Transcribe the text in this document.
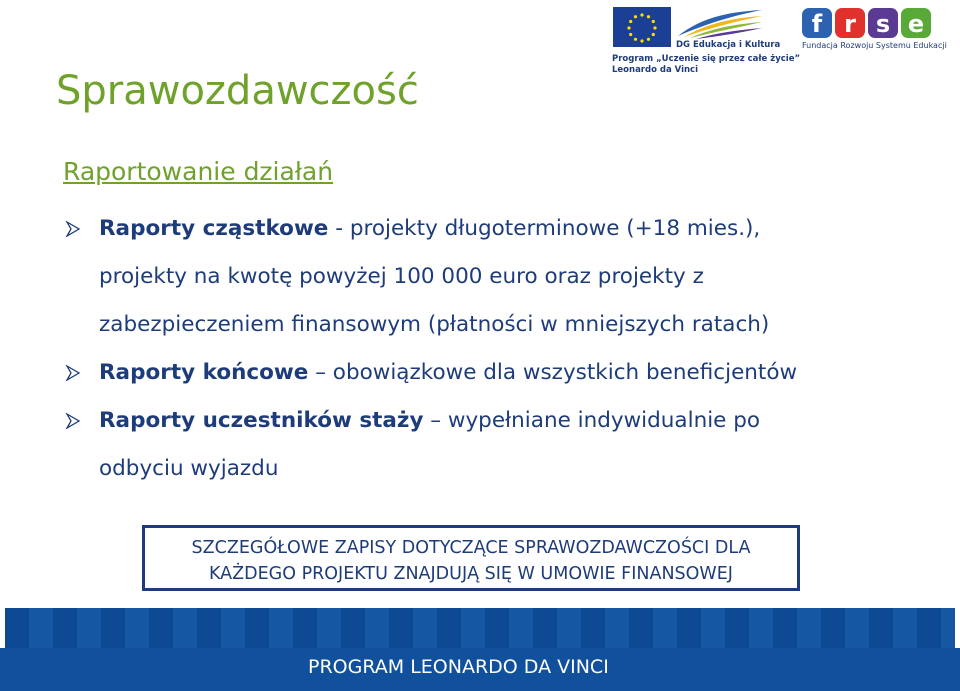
DG Edukacja i Kultura
Program „Uczenie się przez całe życie”
Leonardo da Vinci
f r s e
Fundacja Rozwoju Systemu Edukacji
Sprawozdawczość
Raportowanie działań
Raporty cząstkowe - projekty długoterminowe (+18 mies.),
projekty na kwotę powyżej 100 000 euro oraz projekty z
zabezpieczeniem finansowym (płatności w mniejszych ratach)
Raporty końcowe – obowiązkowe dla wszystkich beneficjentów
Raporty uczestników staży – wypełniane indywidualnie po
odbyciu wyjazdu
SZCZEGÓŁOWE ZAPISY DOTYCZĄCE SPRAWOZDAWCZOŚCI DLA
KAŻDEGO PROJEKTU ZNAJDUJĄ SIĘ W UMOWIE FINANSOWEJ
PROGRAM LEONARDO DA VINCI
